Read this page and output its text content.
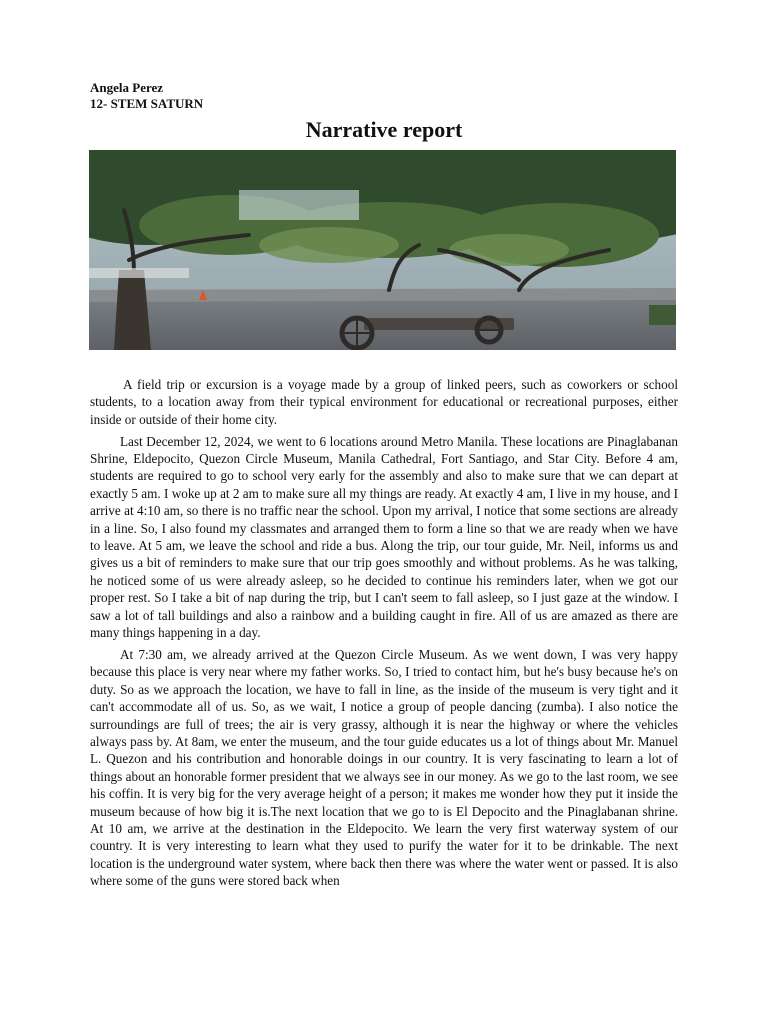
Angela Perez
12- STEM SATURN
Narrative report

A field trip or excursion is a voyage made by a group of linked peers, such as coworkers or school students, to a location away from their typical environment for educational or recreational purposes, either inside or outside of their home city.

Last December 12, 2024, we went to 6 locations around Metro Manila. These locations are Pinaglabanan Shrine, Eldepocito, Quezon Circle Museum, Manila Cathedral, Fort Santiago, and Star City. Before 4 am, students are required to go to school very early for the assembly and also to make sure that we can depart at exactly 5 am. I woke up at 2 am to make sure all my things are ready. At exactly 4 am, I live in my house, and I arrive at 4:10 am, so there is no traffic near the school. Upon my arrival, I notice that some sections are already in a line. So, I also found my classmates and arranged them to form a line so that we are ready when we have to leave. At 5 am, we leave the school and ride a bus. Along the trip, our tour guide, Mr. Neil, informs us and gives us a bit of reminders to make sure that our trip goes smoothly and without problems. As he was talking, he noticed some of us were already asleep, so he decided to continue his reminders later, when we got our proper rest. So I take a bit of nap during the trip, but I can't seem to fall asleep, so I just gaze at the window. I saw a lot of tall buildings and also a rainbow and a building caught in fire. All of us are amazed as there are many things happening in a day.

At 7:30 am, we already arrived at the Quezon Circle Museum. As we went down, I was very happy because this place is very near where my father works. So, I tried to contact him, but he's busy because he's on duty. So as we approach the location, we have to fall in line, as the inside of the museum is very tight and it can't accommodate all of us. So, as we wait, I notice a group of people dancing (zumba). I also notice the surroundings are full of trees; the air is very grassy, although it is near the highway or where the vehicles always pass by. At 8am, we enter the museum, and the tour guide educates us a lot of things about Mr. Manuel L. Quezon and his contribution and honorable doings in our country. It is very fascinating to learn a lot of things about an honorable former president that we always see in our money. As we go to the last room, we see his coffin. It is very big for the very average height of a person; it makes me wonder how they put it inside the museum because of how big it is.The next location that we go to is El Depocito and the Pinaglabanan shrine. At 10 am, we arrive at the destination in the Eldepocito. We learn the very first waterway system of our country. It is very interesting to learn what they used to purify the water for it to be drinkable. The next location is the underground water system, where back then there was where the water went or passed. It is also where some of the guns were stored back when
